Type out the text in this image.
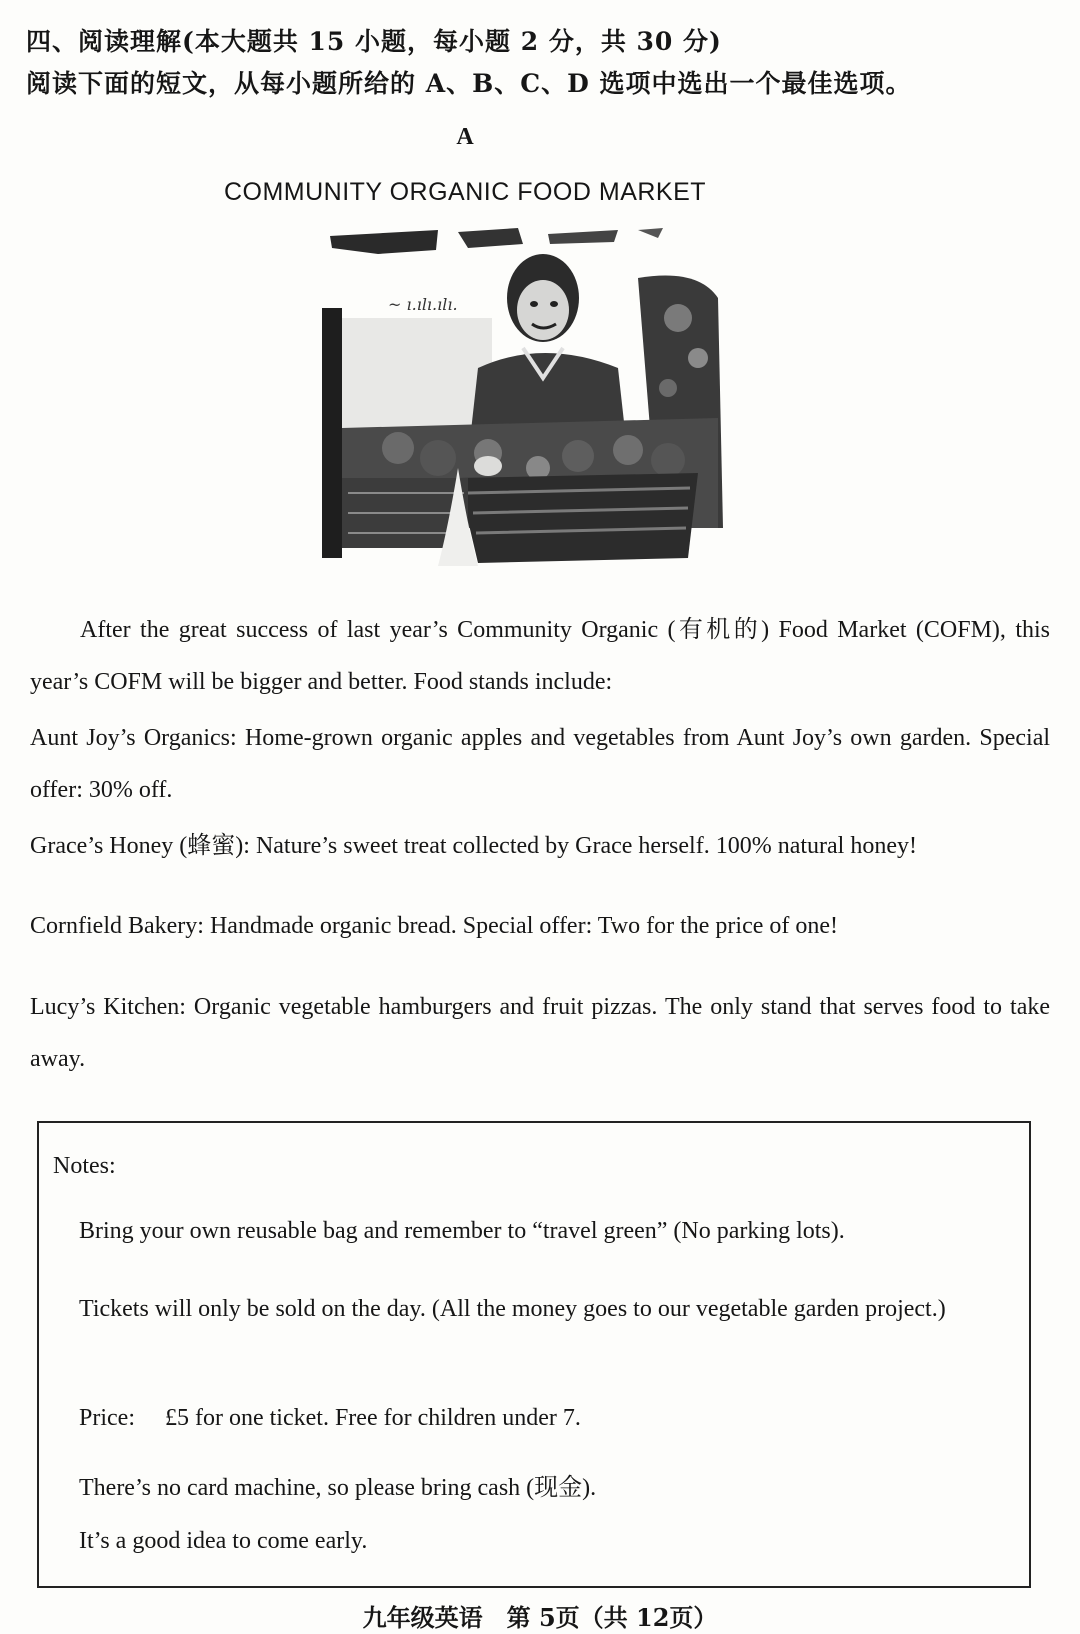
四、阅读理解(本大题共 15 小题，每小题 2 分，共 30 分)
阅读下面的短文，从每小题所给的 A、B、C、D 选项中选出一个最佳选项。
A
COMMUNITY ORGANIC FOOD MARKET
~ ı.ılı.ılı.
After the great success of last year’s Community Organic (有机的) Food Market (COFM), this year’s COFM will be bigger and better. Food stands include:
Aunt Joy’s Organics: Home-grown organic apples and vegetables from Aunt Joy’s own garden. Special offer: 30% off.
Grace’s Honey (蜂蜜): Nature’s sweet treat collected by Grace herself. 100% natural honey!
Cornfield Bakery: Handmade organic bread. Special offer: Two for the price of one!
Lucy’s Kitchen: Organic vegetable hamburgers and fruit pizzas. The only stand that serves food to take away.
Notes:
Bring your own reusable bag and remember to “travel green” (No parking lots).
Tickets will only be sold on the day. (All the money goes to our vegetable garden project.)
Price: £5 for one ticket. Free for children under 7.
There’s no card machine, so please bring cash (现金).
It’s a good idea to come early.
九年级英语　第 5页（共 12页）
